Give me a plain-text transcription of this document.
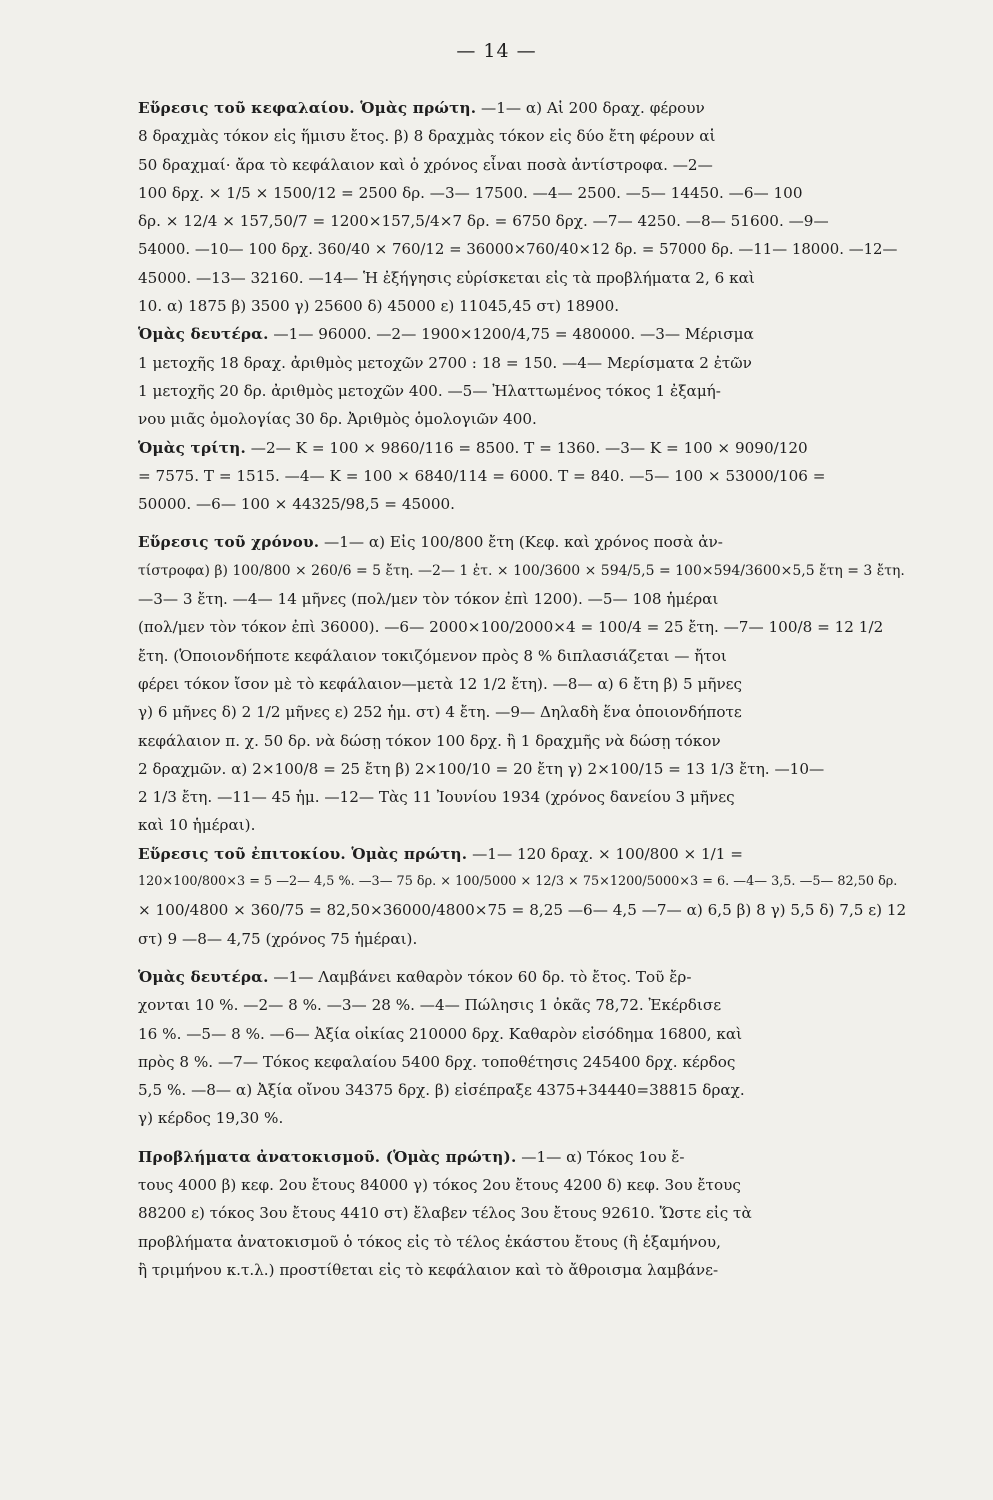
— 14 —
Εὕρεσις τοῦ κεφαλαίου. Ὁμὰς πρώτη. —1— α) Αἱ 200 δραχ. φέρουν
8 δραχμὰς τόκον εἰς ἥμισυ ἔτος. β) 8 δραχμὰς τόκον εἰς δύο ἔτη φέρουν αἱ
50 δραχμαί· ἄρα τὸ κεφάλαιον καὶ ὁ χρόνος εἶναι ποσὰ ἀντίστροφα. —2—
100 δρχ. × 1/5 × 1500/12 = 2500 δρ. —3— 17500. —4— 2500. —5— 14450. —6— 100
δρ. × 12/4 × 157,50/7 = 1200×157,5/4×7 δρ. = 6750 δρχ. —7— 4250. —8— 51600. —9—
54000. —10— 100 δρχ. 360/40 × 760/12 = 36000×760/40×12 δρ. = 57000 δρ. —11— 18000. —12—
45000. —13— 32160. —14— Ἡ ἐξήγησις εὑρίσκεται εἰς τὰ προβλήματα 2, 6 καὶ
10. α) 1875 β) 3500 γ) 25600 δ) 45000 ε) 11045,45 στ) 18900.
Ὁμὰς δευτέρα. —1— 96000. —2— 1900×1200/4,75 = 480000. —3— Μέρισμα
1 μετοχῆς 18 δραχ. ἀριθμὸς μετοχῶν 2700 : 18 = 150. —4— Μερίσματα 2 ἐτῶν
1 μετοχῆς 20 δρ. ἀριθμὸς μετοχῶν 400. —5— Ἠλαττωμένος τόκος 1 ἐξαμή-
νου μιᾶς ὁμολογίας 30 δρ. Ἀριθμὸς ὁμολογιῶν 400.
Ὁμὰς τρίτη. —2— Κ = 100 × 9860/116 = 8500. Τ = 1360. —3— Κ = 100 × 9090/120
= 7575. Τ = 1515. —4— Κ = 100 × 6840/114 = 6000. Τ = 840. —5— 100 × 53000/106 =
50000. —6— 100 × 44325/98,5 = 45000.
Εὕρεσις τοῦ χρόνου. —1— α) Εἰς 100/800 ἔτη (Κεφ. καὶ χρόνος ποσὰ ἀν-
τίστροφα) β) 100/800 × 260/6 = 5 ἔτη. —2— 1 ἐτ. × 100/3600 × 594/5,5 = 100×594/3600×5,5 ἔτη = 3 ἔτη.
—3— 3 ἔτη. —4— 14 μῆνες (πολ/μεν τὸν τόκον ἐπὶ 1200). —5— 108 ἡμέραι
(πολ/μεν τὸν τόκον ἐπὶ 36000). —6— 2000×100/2000×4 = 100/4 = 25 ἔτη. —7— 100/8 = 12 1/2
ἔτη. (Ὁποιονδήποτε κεφάλαιον τοκιζόμενον πρὸς 8 % διπλασιάζεται — ἤτοι
φέρει τόκον ἴσον μὲ τὸ κεφάλαιον—μετὰ 12 1/2 ἔτη). —8— α) 6 ἔτη β) 5 μῆνες
γ) 6 μῆνες δ) 2 1/2 μῆνες ε) 252 ἡμ. στ) 4 ἔτη. —9— Δηλαδὴ ἕνα ὁποιονδήποτε
κεφάλαιον π. χ. 50 δρ. νὰ δώσῃ τόκον 100 δρχ. ἢ 1 δραχμῆς νὰ δώσῃ τόκον
2 δραχμῶν. α) 2×100/8 = 25 ἔτη β) 2×100/10 = 20 ἔτη γ) 2×100/15 = 13 1/3 ἔτη. —10—
2 1/3 ἔτη. —11— 45 ἡμ. —12— Τὰς 11 Ἰουνίου 1934 (χρόνος δανείου 3 μῆνες
καὶ 10 ἡμέραι).
Εὕρεσις τοῦ ἐπιτοκίου. Ὁμὰς πρώτη. —1— 120 δραχ. × 100/800 × 1/1 =
120×100/800×3 = 5 —2— 4,5 %. —3— 75 δρ. × 100/5000 × 12/3 × 75×1200/5000×3 = 6. —4— 3,5. —5— 82,50 δρ.
× 100/4800 × 360/75 = 82,50×36000/4800×75 = 8,25 —6— 4,5 —7— α) 6,5 β) 8 γ) 5,5 δ) 7,5 ε) 12
στ) 9 —8— 4,75 (χρόνος 75 ἡμέραι).
Ὁμὰς δευτέρα. —1— Λαμβάνει καθαρὸν τόκον 60 δρ. τὸ ἔτος. Τοῦ ἔρ-
χονται 10 %. —2— 8 %. —3— 28 %. —4— Πώλησις 1 ὀκᾶς 78,72. Ἐκέρδισε
16 %. —5— 8 %. —6— Ἀξία οἰκίας 210000 δρχ. Καθαρὸν εἰσόδημα 16800, καὶ
πρὸς 8 %. —7— Τόκος κεφαλαίου 5400 δρχ. τοποθέτησις 245400 δρχ. κέρδος
5,5 %. —8— α) Ἀξία οἴνου 34375 δρχ. β) εἰσέπραξε 4375+34440=38815 δραχ.
γ) κέρδος 19,30 %.
Προβλήματα ἀνατοκισμοῦ. (Ὁμὰς πρώτη). —1— α) Τόκος 1ου ἔ-
τους 4000 β) κεφ. 2ου ἔτους 84000 γ) τόκος 2ου ἔτους 4200 δ) κεφ. 3ου ἔτους
88200 ε) τόκος 3ου ἔτους 4410 στ) ἔλαβεν τέλος 3ου ἔτους 92610. Ὥστε εἰς τὰ
προβλήματα ἀνατοκισμοῦ ὁ τόκος εἰς τὸ τέλος ἑκάστου ἔτους (ἢ ἑξαμήνου,
ἢ τριμήνου κ.τ.λ.) προστίθεται εἰς τὸ κεφάλαιον καὶ τὸ ἄθροισμα λαμβάνε-
